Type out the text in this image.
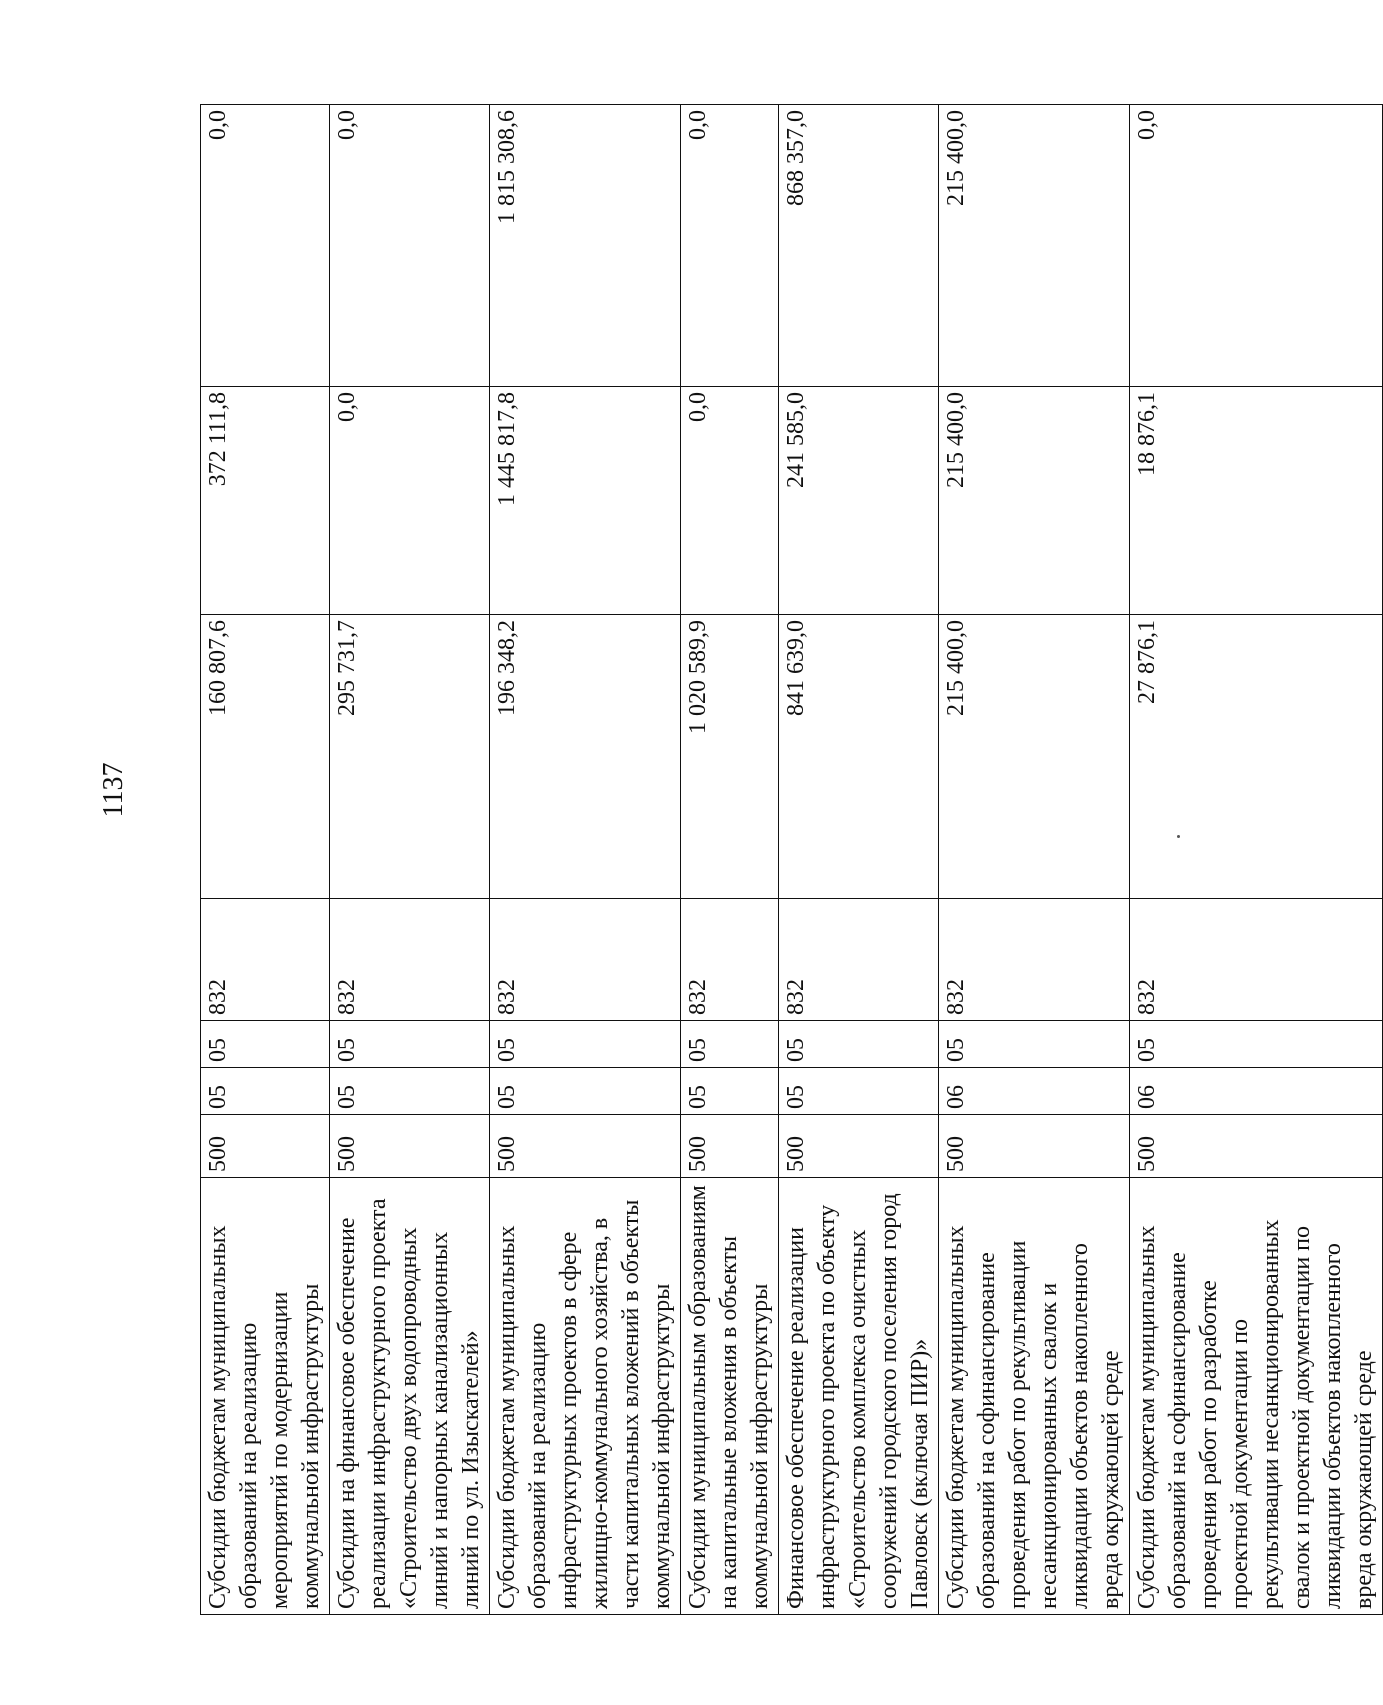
1137
Субсидии бюджетам муниципальных образований на реализацию мероприятий по модернизации коммунальной инфраструктуры	500	05	05	832	160 807,6	372 111,8	0,0
Субсидии на финансовое обеспечение реализации инфраструктурного проекта «Строительство двух водопроводных линий и напорных канализационных линий по ул. Изыскателей»	500	05	05	832	295 731,7	0,0	0,0
Субсидии бюджетам муниципальных образований на реализацию инфраструктурных проектов в сфере жилищно-коммунального хозяйства, в части капитальных вложений в объекты коммунальной инфраструктуры	500	05	05	832	196 348,2	1 445 817,8	1 815 308,6
Субсидии муниципальным образованиям на капитальные вложения в объекты коммунальной инфраструктуры	500	05	05	832	1 020 589,9	0,0	0,0
Финансовое обеспечение реализации инфраструктурного проекта по объекту «Строительство комплекса очистных сооружений городского поселения город Павловск (включая ПИР)»	500	05	05	832	841 639,0	241 585,0	868 357,0
Субсидии бюджетам муниципальных образований на софинансирование проведения работ по рекультивации несанкционированных свалок и ликвидации объектов накопленного вреда окружающей среде	500	06	05	832	215 400,0	215 400,0	215 400,0
Субсидии бюджетам муниципальных образований на софинансирование проведения работ по разработке проектной документации по рекультивации несанкционированных свалок и проектной документации по ликвидации объектов накопленного вреда окружающей среде	500	06	05	832	27 876,1	18 876,1	0,0
